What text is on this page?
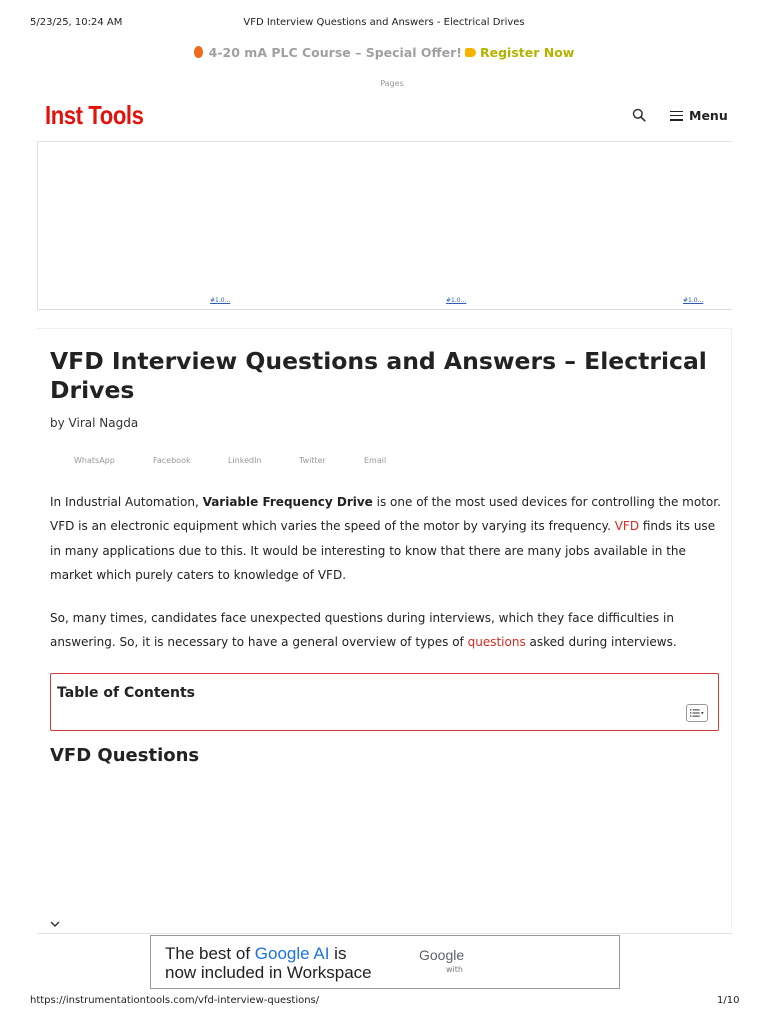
VFD Interview Questions and Answers - Electrical Drives
5/23/25, 10:24 AM
4-20 mA PLC Course – Special Offer! Register Now
Pages
Inst Tools	Menu
#1.0...	#1.0...	#1.0...
VFD Interview Questions and Answers – Electrical Drives
by Viral Nagda
WhatsApp	Facebook	LinkedIn	Twitter	Email
In Industrial Automation, Variable Frequency Drive is one of the most used devices for controlling the motor. VFD is an electronic equipment which varies the speed of the motor by varying its frequency. VFD finds its use in many applications due to this. It would be interesting to know that there are many jobs available in the market which purely caters to knowledge of VFD.
So, many times, candidates face unexpected questions during interviews, which they face difficulties in answering. So, it is necessary to have a general overview of types of questions asked during interviews.
Table of Contents
VFD Questions
The best of Google AI is
now included in Workspace
Google
with
https://instrumentationtools.com/vfd-interview-questions/	1/10
